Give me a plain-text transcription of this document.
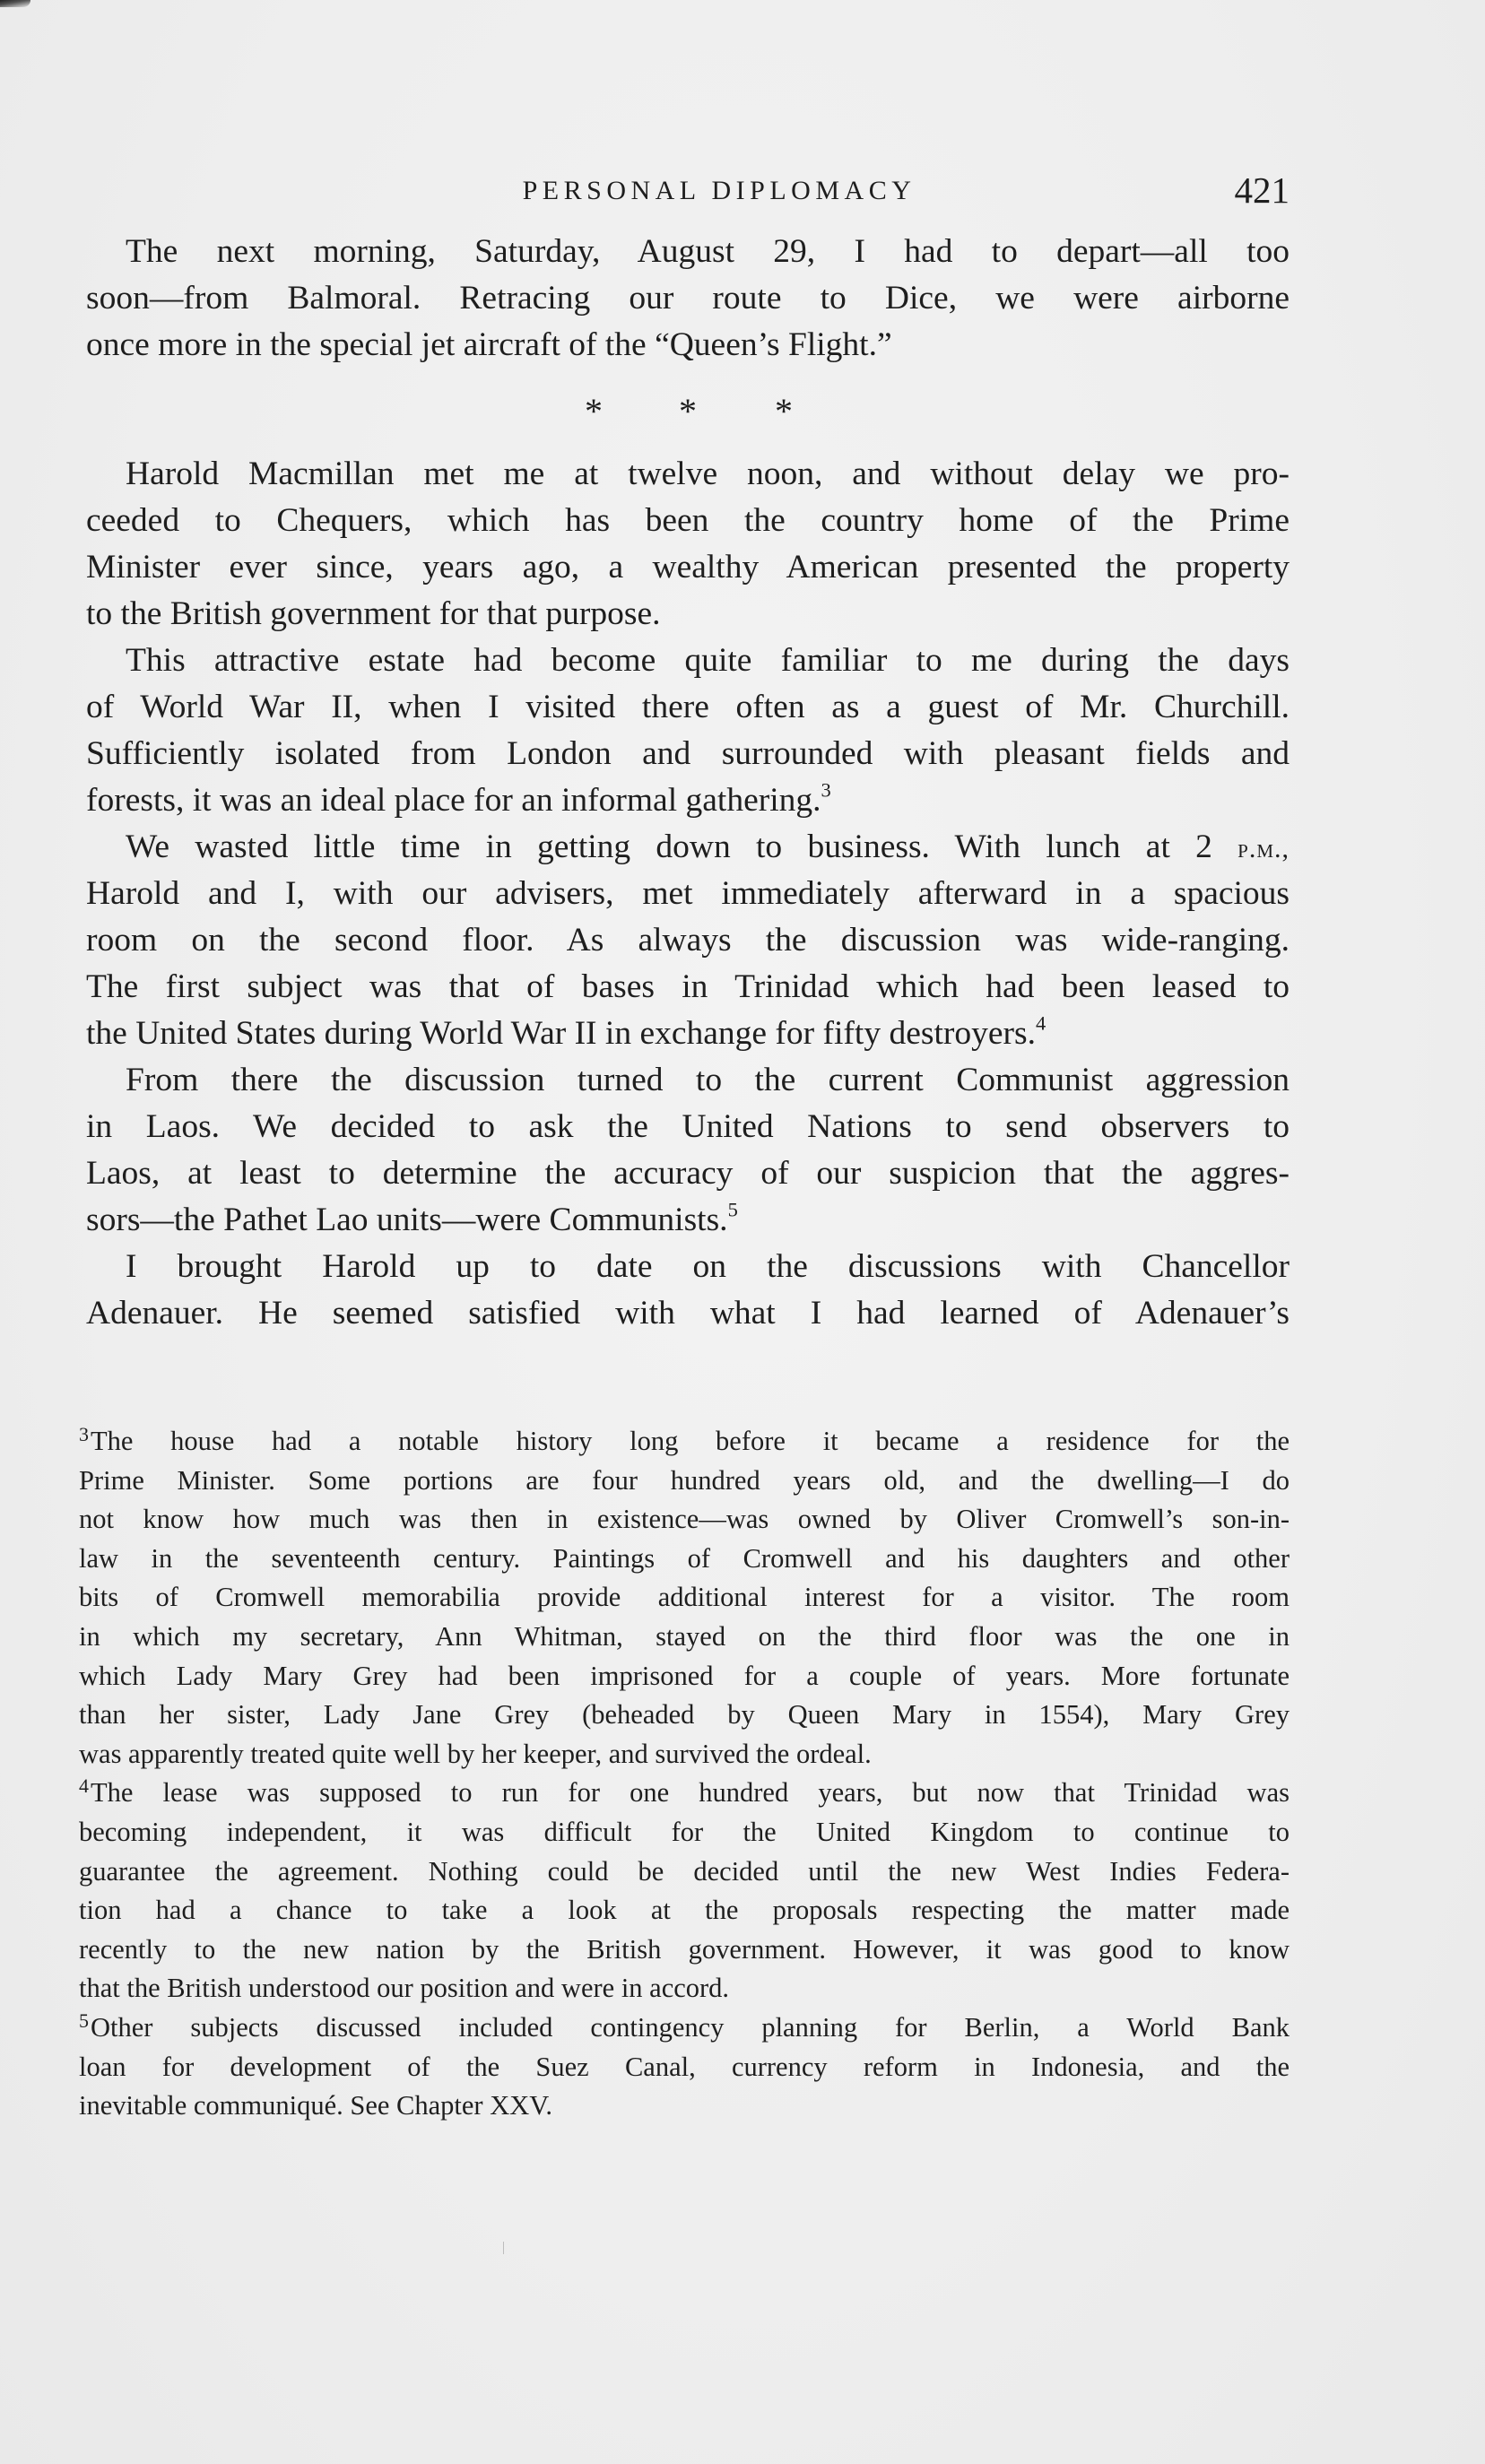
PERSONAL DIPLOMACY	421
The next morning, Saturday, August 29, I had to depart—all too
soon—from Balmoral. Retracing our route to Dice, we were airborne
once more in the special jet aircraft of the “Queen’s Flight.”
* * *
Harold Macmillan met me at twelve noon, and without delay we pro-
ceeded to Chequers, which has been the country home of the Prime
Minister ever since, years ago, a wealthy American presented the property
to the British government for that purpose.
This attractive estate had become quite familiar to me during the days
of World War II, when I visited there often as a guest of Mr. Churchill.
Sufficiently isolated from London and surrounded with pleasant fields and
forests, it was an ideal place for an informal gathering.$^3$
We wasted little time in getting down to business. With lunch at 2 p.m.,
Harold and I, with our advisers, met immediately afterward in a spacious
room on the second floor. As always the discussion was wide-ranging.
The first subject was that of bases in Trinidad which had been leased to
the United States during World War II in exchange for fifty destroyers.$^4$
From there the discussion turned to the current Communist aggression
in Laos. We decided to ask the United Nations to send observers to
Laos, at least to determine the accuracy of our suspicion that the aggres-
sors—the Pathet Lao units—were Communists.$^5$
I brought Harold up to date on the discussions with Chancellor
Adenauer. He seemed satisfied with what I had learned of Adenauer’s
$^3$The house had a notable history long before it became a residence for the
Prime Minister. Some portions are four hundred years old, and the dwelling—I do
not know how much was then in existence—was owned by Oliver Cromwell’s son-in-
law in the seventeenth century. Paintings of Cromwell and his daughters and other
bits of Cromwell memorabilia provide additional interest for a visitor. The room
in which my secretary, Ann Whitman, stayed on the third floor was the one in
which Lady Mary Grey had been imprisoned for a couple of years. More fortunate
than her sister, Lady Jane Grey (beheaded by Queen Mary in 1554), Mary Grey
was apparently treated quite well by her keeper, and survived the ordeal.
$^4$The lease was supposed to run for one hundred years, but now that Trinidad was
becoming independent, it was difficult for the United Kingdom to continue to
guarantee the agreement. Nothing could be decided until the new West Indies Federa-
tion had a chance to take a look at the proposals respecting the matter made
recently to the new nation by the British government. However, it was good to know
that the British understood our position and were in accord.
$^5$Other subjects discussed included contingency planning for Berlin, a World Bank
loan for development of the Suez Canal, currency reform in Indonesia, and the
inevitable communiqué. See Chapter XXV.
